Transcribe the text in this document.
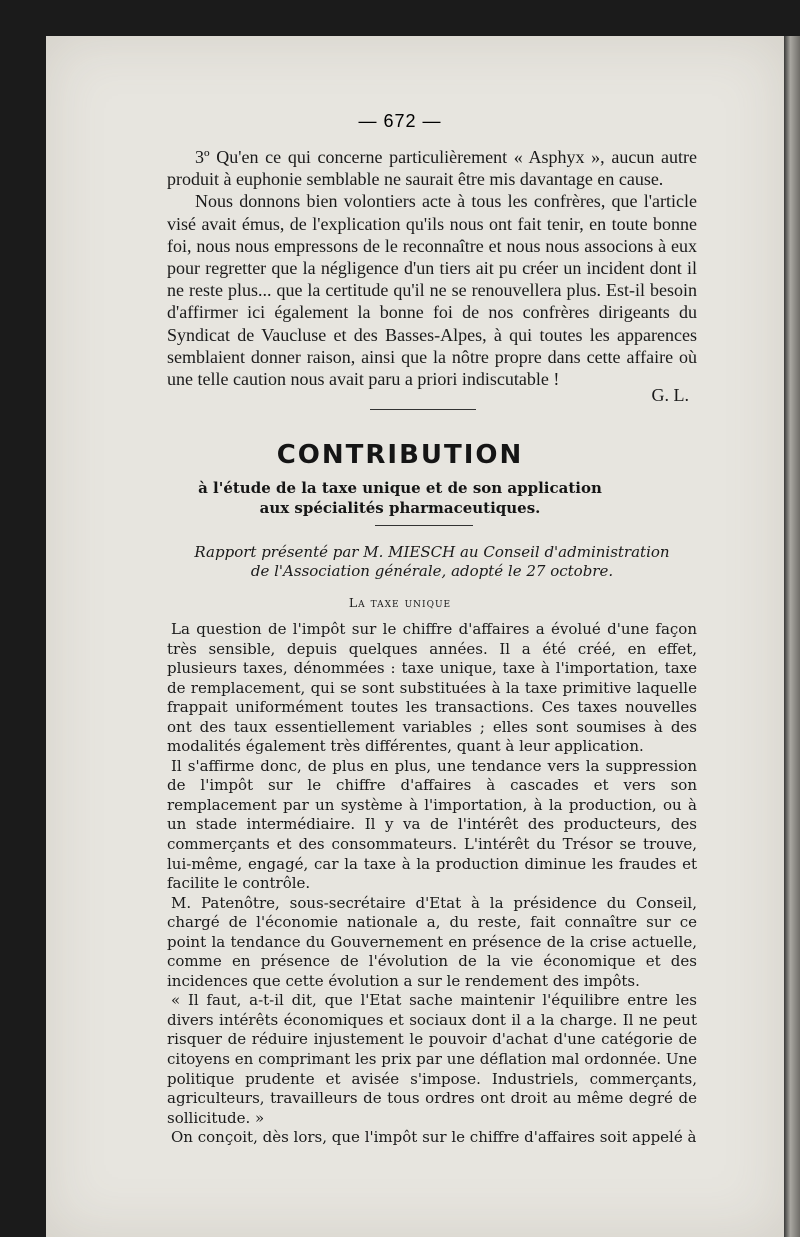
— 672 —

3º Qu'en ce qui concerne particulièrement « Asphyx », aucun autre produit à euphonie semblable ne saurait être mis davantage en cause.

Nous donnons bien volontiers acte à tous les confrères, que l'article visé avait émus, de l'explication qu'ils nous ont fait tenir, en toute bonne foi, nous nous empressons de le reconnaître et nous nous associons à eux pour regretter que la négligence d'un tiers ait pu créer un incident dont il ne reste plus... que la certitude qu'il ne se renouvellera plus. Est-il besoin d'affirmer ici également la bonne foi de nos confrères dirigeants du Syndicat de Vaucluse et des Basses-Alpes, à qui toutes les apparences semblaient donner raison, ainsi que la nôtre propre dans cette affaire où une telle caution nous avait paru a priori indiscutable !

G. L.
CONTRIBUTION
à l'étude de la taxe unique et de son application
aux spécialités pharmaceutiques.
Rapport présenté par M. MIESCH au Conseil d'administration
de l'Association générale, adopté le 27 octobre.
La taxe unique

La question de l'impôt sur le chiffre d'affaires a évolué d'une façon très sensible, depuis quelques années. Il a été créé, en effet, plusieurs taxes, dénommées : taxe unique, taxe à l'importation, taxe de remplacement, qui se sont substituées à la taxe primitive laquelle frappait uniformément toutes les transactions. Ces taxes nouvelles ont des taux essentiellement variables ; elles sont soumises à des modalités également très différentes, quant à leur application.

Il s'affirme donc, de plus en plus, une tendance vers la suppression de l'impôt sur le chiffre d'affaires à cascades et vers son remplacement par un système à l'importation, à la production, ou à un stade intermédiaire. Il y va de l'intérêt des producteurs, des commerçants et des consommateurs. L'intérêt du Trésor se trouve, lui-même, engagé, car la taxe à la production diminue les fraudes et facilite le contrôle.

M. Patenôtre, sous-secrétaire d'Etat à la présidence du Conseil, chargé de l'économie nationale a, du reste, fait connaître sur ce point la tendance du Gouvernement en présence de la crise actuelle, comme en présence de l'évolution de la vie économique et des incidences que cette évolution a sur le rendement des impôts.

« Il faut, a-t-il dit, que l'Etat sache maintenir l'équilibre entre les divers intérêts économiques et sociaux dont il a la charge. Il ne peut risquer de réduire injustement le pouvoir d'achat d'une catégorie de citoyens en comprimant les prix par une déflation mal ordonnée. Une politique prudente et avisée s'impose. Industriels, commerçants, agriculteurs, travailleurs de tous ordres ont droit au même degré de sollicitude. »

On conçoit, dès lors, que l'impôt sur le chiffre d'affaires soit appelé à
